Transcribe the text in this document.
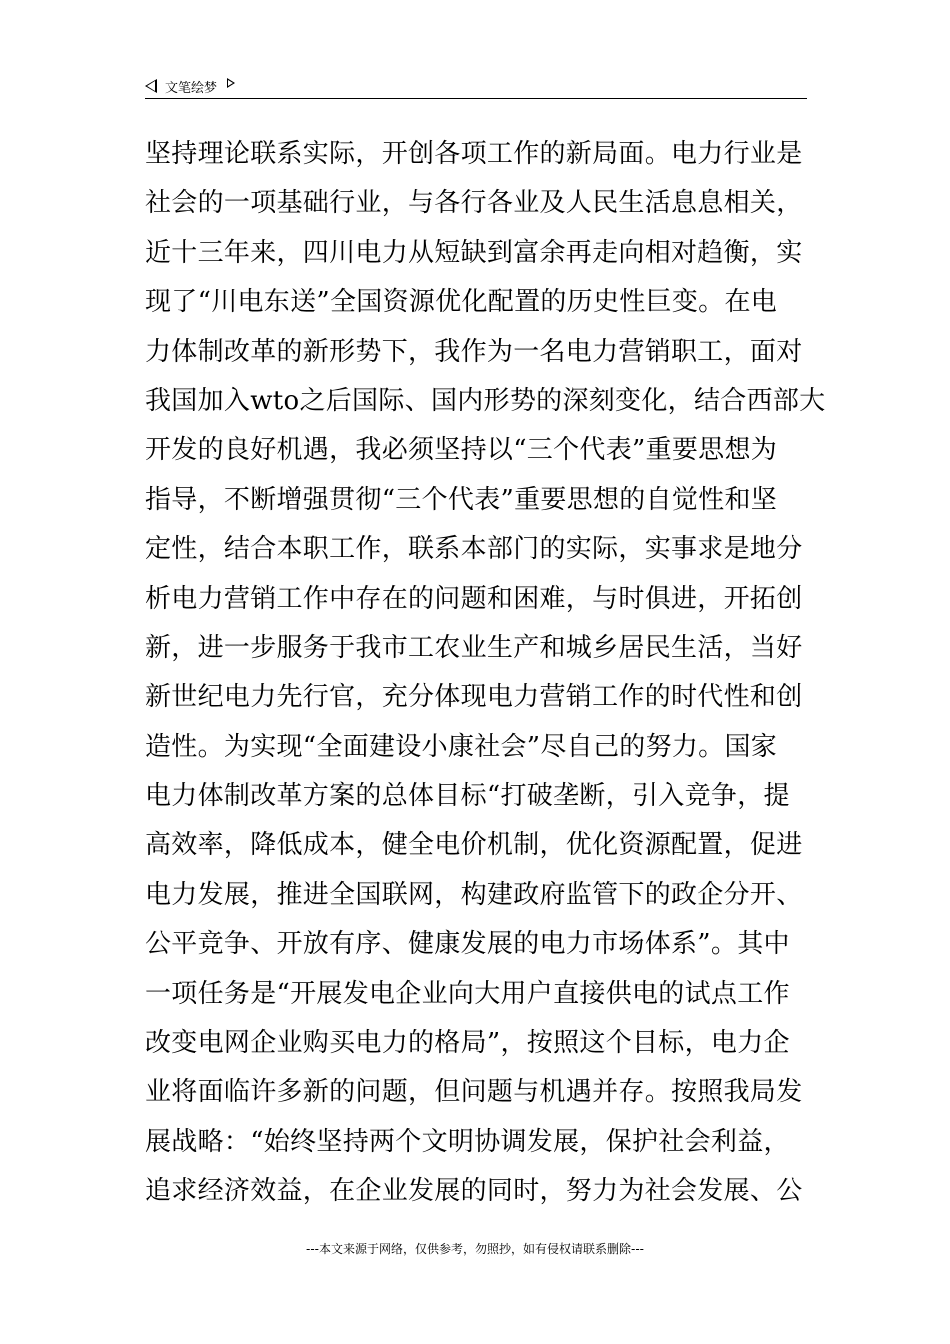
文笔绘梦
坚持理论联系实际，开创各项工作的新局面。电力行业是
社会的一项基础行业，与各行各业及人民生活息息相关，
近十三年来，四川电力从短缺到富余再走向相对趋衡，实
现了“川电东送”全国资源优化配置的历史性巨变。在电
力体制改革的新形势下，我作为一名电力营销职工，面对
我国加入wto之后国际、国内形势的深刻变化，结合西部大
开发的良好机遇，我必须坚持以“三个代表”重要思想为
指导，不断增强贯彻“三个代表”重要思想的自觉性和坚
定性，结合本职工作，联系本部门的实际，实事求是地分
析电力营销工作中存在的问题和困难，与时俱进，开拓创
新，进一步服务于我市工农业生产和城乡居民生活，当好
新世纪电力先行官，充分体现电力营销工作的时代性和创
造性。为实现“全面建设小康社会”尽自己的努力。国家
电力体制改革方案的总体目标“打破垄断，引入竞争，提
高效率，降低成本，健全电价机制，优化资源配置，促进
电力发展，推进全国联网，构建政府监管下的政企分开、
公平竞争、开放有序、健康发展的电力市场体系”。其中
一项任务是“开展发电企业向大用户直接供电的试点工作
改变电网企业购买电力的格局”，按照这个目标，电力企
业将面临许多新的问题，但问题与机遇并存。按照我局发
展战略：“始终坚持两个文明协调发展，保护社会利益，
追求经济效益，在企业发展的同时，努力为社会发展、公
---本文来源于网络，仅供参考，勿照抄，如有侵权请联系删除---
